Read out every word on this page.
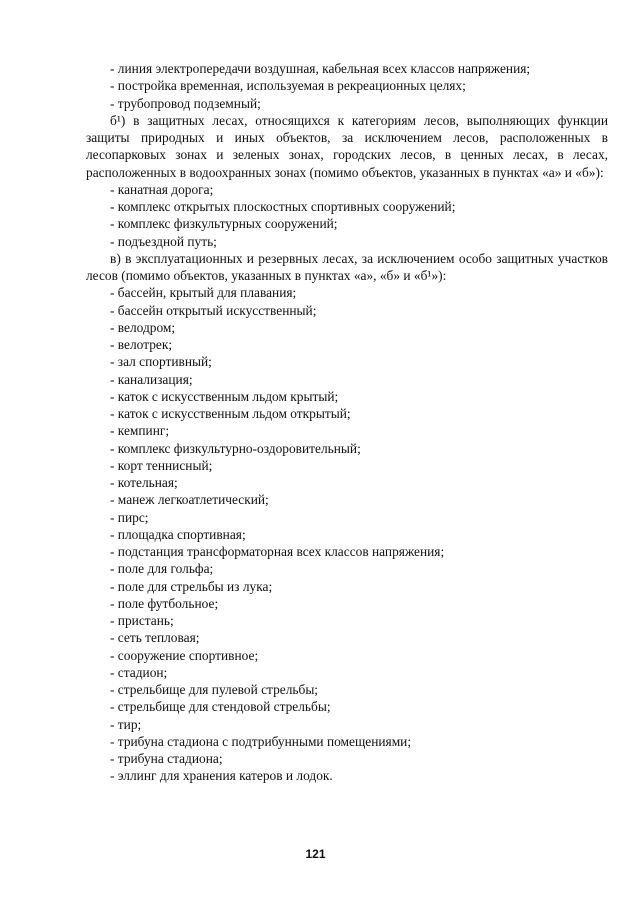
- линия электропередачи воздушная, кабельная всех классов напряжения;
- постройка временная, используемая в рекреационных целях;
- трубопровод подземный;

б¹) в защитных лесах, относящихся к категориям лесов, выполняющих функции защиты природных и иных объектов, за исключением лесов, расположенных в лесопарковых зонах и зеленых зонах, городских лесов, в ценных лесах, в лесах, расположенных в водоохранных зонах (помимо объектов, указанных в пунктах «а» и «б»):

- канатная дорога;
- комплекс открытых плоскостных спортивных сооружений;
- комплекс физкультурных сооружений;
- подъездной путь;

в) в эксплуатационных и резервных лесах, за исключением особо защитных участков лесов (помимо объектов, указанных в пунктах «а», «б» и «б¹»):

- бассейн, крытый для плавания;
- бассейн открытый искусственный;
- велодром;
- велотрек;
- зал спортивный;
- канализация;
- каток с искусственным льдом крытый;
- каток с искусственным льдом открытый;
- кемпинг;
- комплекс физкультурно-оздоровительный;
- корт теннисный;
- котельная;
- манеж легкоатлетический;
- пирс;
- площадка спортивная;
- подстанция трансформаторная всех классов напряжения;
- поле для гольфа;
- поле для стрельбы из лука;
- поле футбольное;
- пристань;
- сеть тепловая;
- сооружение спортивное;
- стадион;
- стрельбище для пулевой стрельбы;
- стрельбище для стендовой стрельбы;
- тир;
- трибуна стадиона с подтрибунными помещениями;
- трибуна стадиона;
- эллинг для хранения катеров и лодок.
121
